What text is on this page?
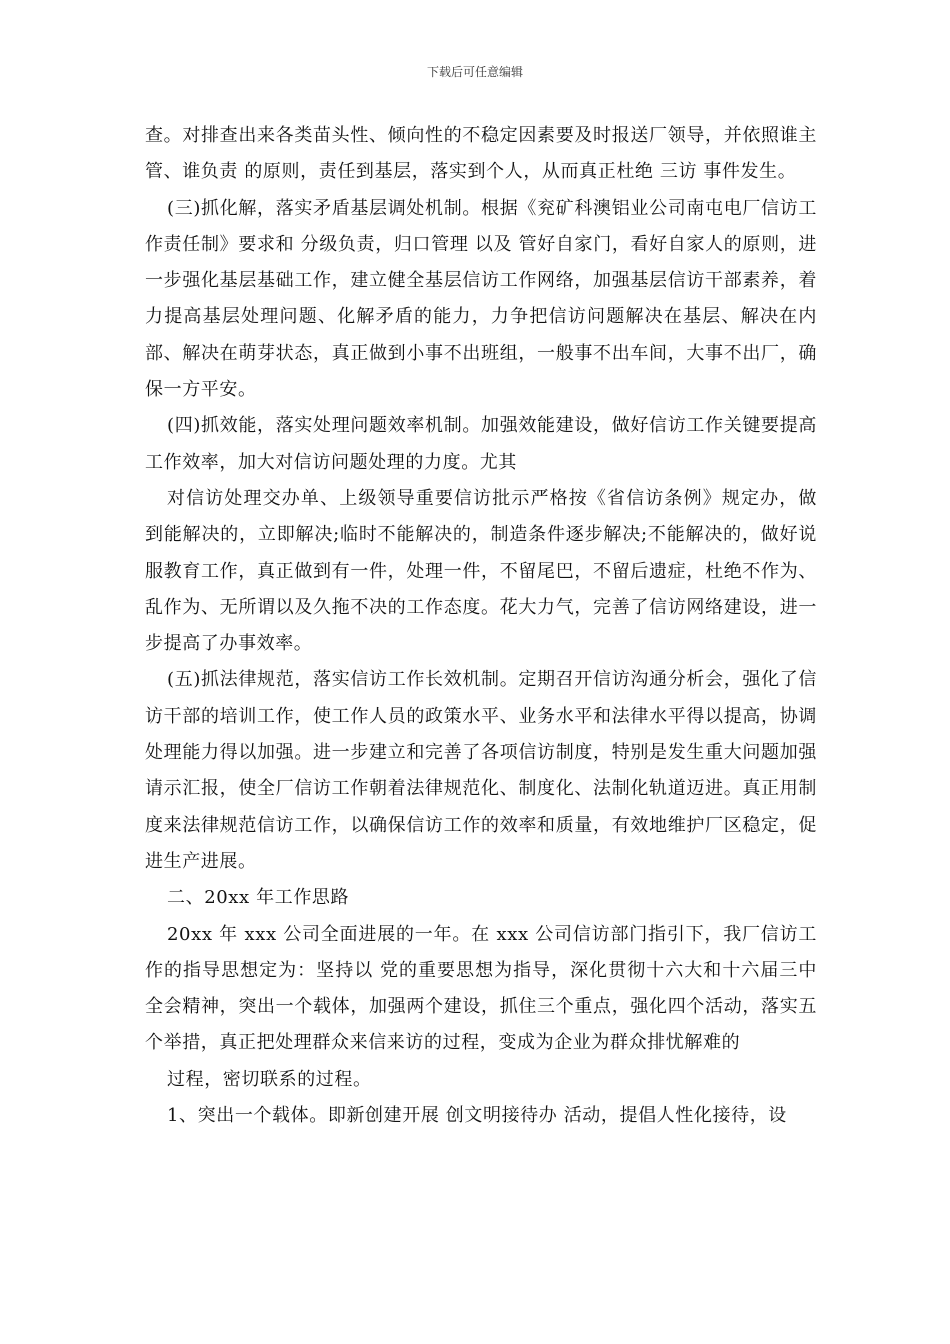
下载后可任意编辑

查。对排查出来各类苗头性、倾向性的不稳定因素要及时报送厂领导，并依照谁主管、谁负责 的原则，责任到基层，落实到个人，从而真正杜绝 三访 事件发生。

(三)抓化解，落实矛盾基层调处机制。根据《兖矿科澳铝业公司南屯电厂信访工作责任制》要求和 分级负责，归口管理 以及 管好自家门，看好自家人的原则，进一步强化基层基础工作，建立健全基层信访工作网络，加强基层信访干部素养，着力提高基层处理问题、化解矛盾的能力，力争把信访问题解决在基层、解决在内部、解决在萌芽状态，真正做到小事不出班组，一般事不出车间，大事不出厂，确保一方平安。

(四)抓效能，落实处理问题效率机制。加强效能建设，做好信访工作关键要提高工作效率，加大对信访问题处理的力度。尤其

对信访处理交办单、上级领导重要信访批示严格按《省信访条例》规定办，做到能解决的，立即解决;临时不能解决的，制造条件逐步解决;不能解决的，做好说服教育工作，真正做到有一件，处理一件，不留尾巴，不留后遗症，杜绝不作为、乱作为、无所谓以及久拖不决的工作态度。花大力气，完善了信访网络建设，进一步提高了办事效率。

(五)抓法律规范，落实信访工作长效机制。定期召开信访沟通分析会，强化了信访干部的培训工作，使工作人员的政策水平、业务水平和法律水平得以提高，协调处理能力得以加强。进一步建立和完善了各项信访制度，特别是发生重大问题加强请示汇报，使全厂信访工作朝着法律规范化、制度化、法制化轨道迈进。真正用制度来法律规范信访工作，以确保信访工作的效率和质量，有效地维护厂区稳定，促进生产进展。

二、20xx 年工作思路

20xx 年 xxx 公司全面进展的一年。在 xxx 公司信访部门指引下，我厂信访工作的指导思想定为：坚持以 党的重要思想为指导，深化贯彻十六大和十六届三中全会精神，突出一个载体，加强两个建设，抓住三个重点，强化四个活动，落实五个举措，真正把处理群众来信来访的过程，变成为企业为群众排忧解难的

过程，密切联系的过程。

1、突出一个载体。即新创建开展 创文明接待办 活动，提倡人性化接待，设
